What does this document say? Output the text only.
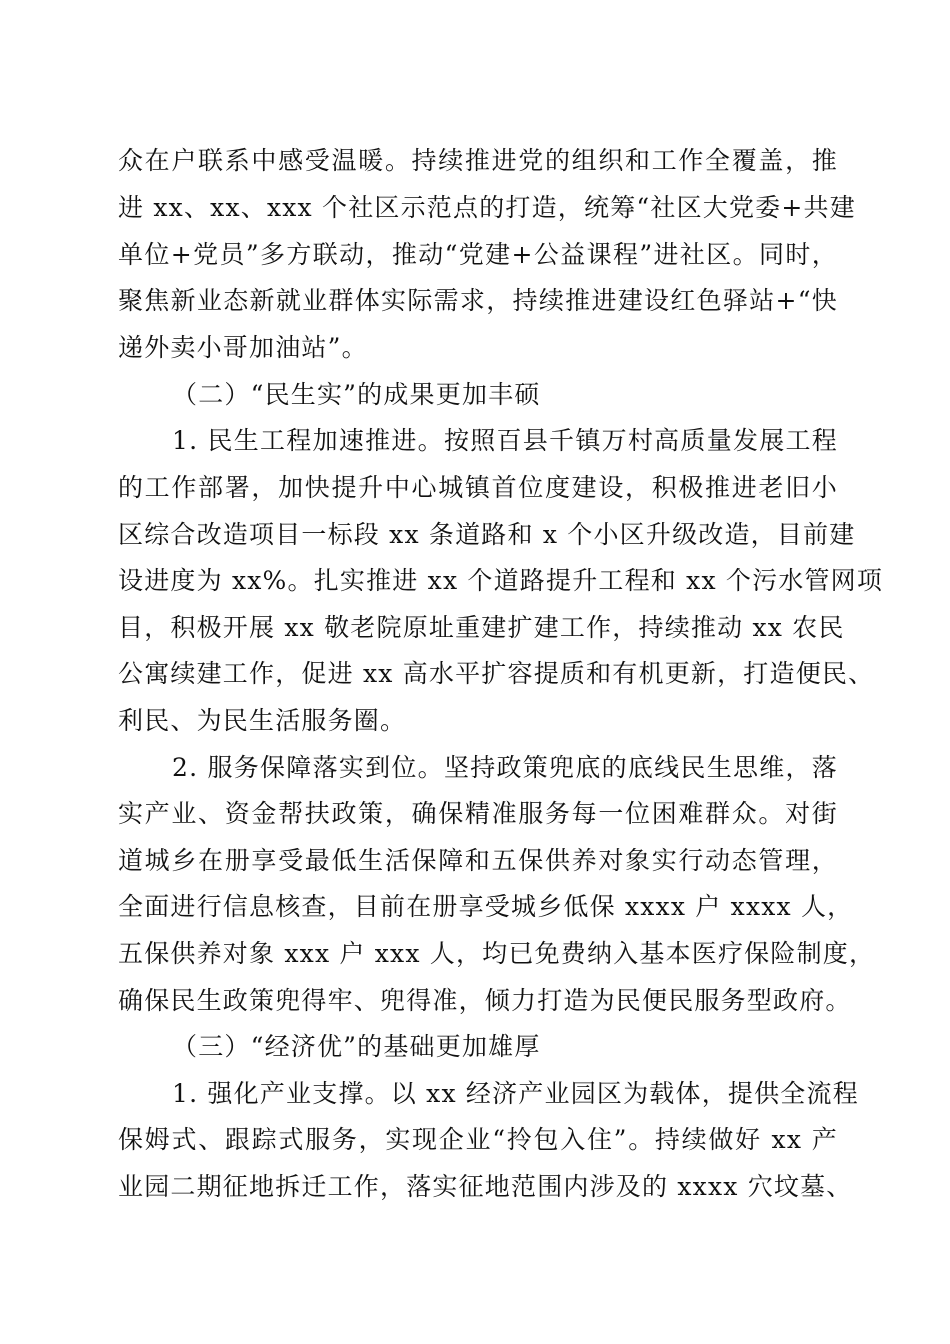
众在户联系中感受温暖。持续推进党的组织和工作全覆盖，推
进 xx、xx、xxx 个社区示范点的打造，统筹“社区大党委+共建
单位+党员”多方联动，推动“党建+公益课程”进社区。同时，
聚焦新业态新就业群体实际需求，持续推进建设红色驿站+“快
递外卖小哥加油站”。
（二）“民生实”的成果更加丰硕
1. 民生工程加速推进。按照百县千镇万村高质量发展工程
的工作部署，加快提升中心城镇首位度建设，积极推进老旧小
区综合改造项目一标段 xx 条道路和 x 个小区升级改造，目前建
设进度为 xx%。扎实推进 xx 个道路提升工程和 xx 个污水管网项
目，积极开展 xx 敬老院原址重建扩建工作，持续推动 xx 农民
公寓续建工作，促进 xx 高水平扩容提质和有机更新，打造便民、
利民、为民生活服务圈。
2. 服务保障落实到位。坚持政策兜底的底线民生思维，落
实产业、资金帮扶政策，确保精准服务每一位困难群众。对街
道城乡在册享受最低生活保障和五保供养对象实行动态管理，
全面进行信息核查，目前在册享受城乡低保 xxxx 户 xxxx 人，
五保供养对象 xxx 户 xxx 人，均已免费纳入基本医疗保险制度，
确保民生政策兜得牢、兜得准，倾力打造为民便民服务型政府。
（三）“经济优”的基础更加雄厚
1. 强化产业支撑。以 xx 经济产业园区为载体，提供全流程
保姆式、跟踪式服务，实现企业“拎包入住”。持续做好 xx 产
业园二期征地拆迁工作，落实征地范围内涉及的 xxxx 穴坟墓、
